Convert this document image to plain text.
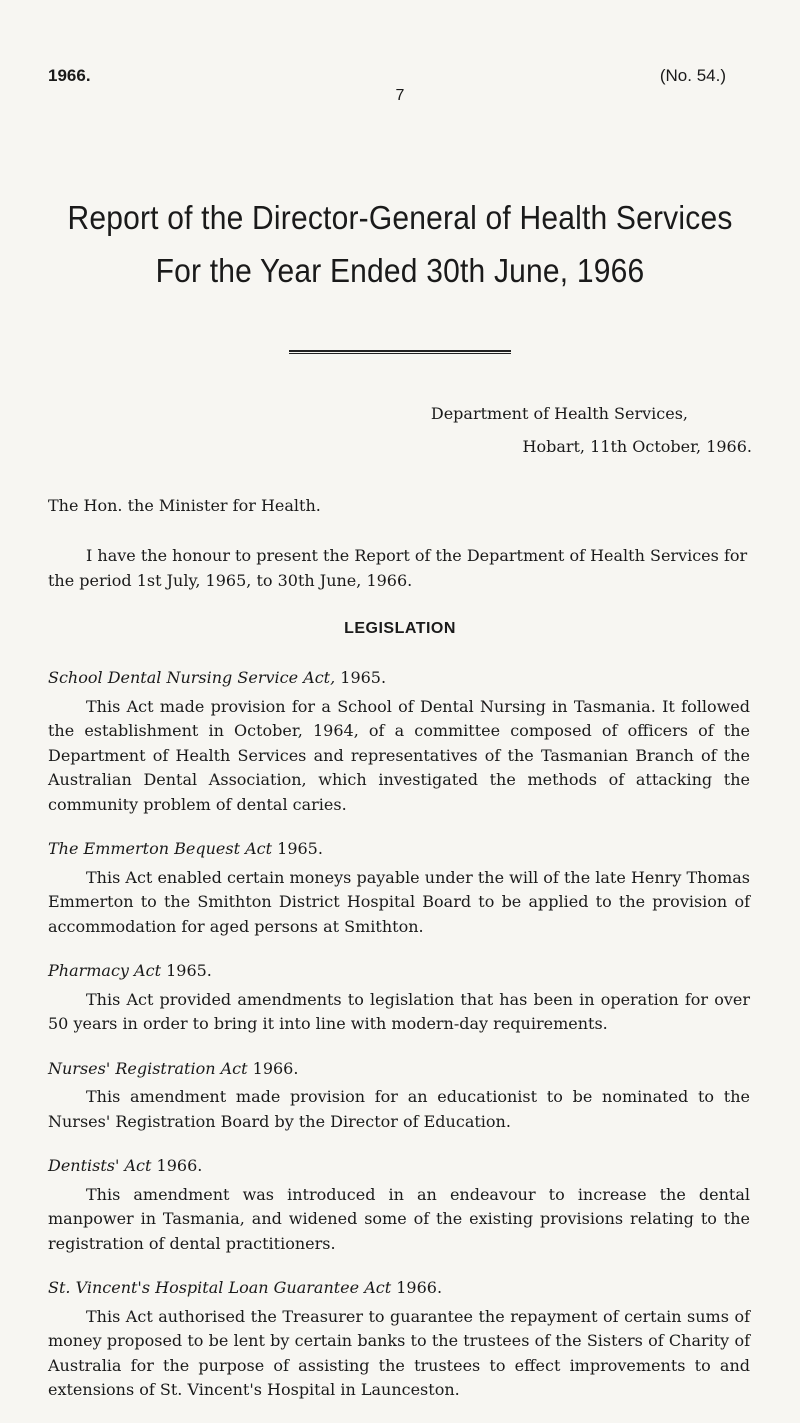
1966.	(No. 54.)
7
Report of the Director-General of Health Services
For the Year Ended 30th June, 1966
Department of Health Services,
Hobart, 11th October, 1966.
The Hon. the Minister for Health.
I have the honour to present the Report of the Department of Health Services for the period 1st July, 1965, to 30th June, 1966.
LEGISLATION
School Dental Nursing Service Act, 1965.

This Act made provision for a School of Dental Nursing in Tasmania. It followed the establishment in October, 1964, of a committee composed of officers of the Department of Health Services and representatives of the Tasmanian Branch of the Australian Dental Association, which investigated the methods of attacking the community problem of dental caries.

The Emmerton Bequest Act 1965.

This Act enabled certain moneys payable under the will of the late Henry Thomas Emmerton to the Smithton District Hospital Board to be applied to the provision of accommodation for aged persons at Smithton.

Pharmacy Act 1965.

This Act provided amendments to legislation that has been in operation for over 50 years in order to bring it into line with modern-day requirements.

Nurses' Registration Act 1966.

This amendment made provision for an educationist to be nominated to the Nurses' Registration Board by the Director of Education.

Dentists' Act 1966.

This amendment was introduced in an endeavour to increase the dental manpower in Tasmania, and widened some of the existing provisions relating to the registration of dental practitioners.

St. Vincent's Hospital Loan Guarantee Act 1966.

This Act authorised the Treasurer to guarantee the repayment of certain sums of money proposed to be lent by certain banks to the trustees of the Sisters of Charity of Australia for the purpose of assisting the trustees to effect improvements to and extensions of St. Vincent's Hospital in Launceston.
